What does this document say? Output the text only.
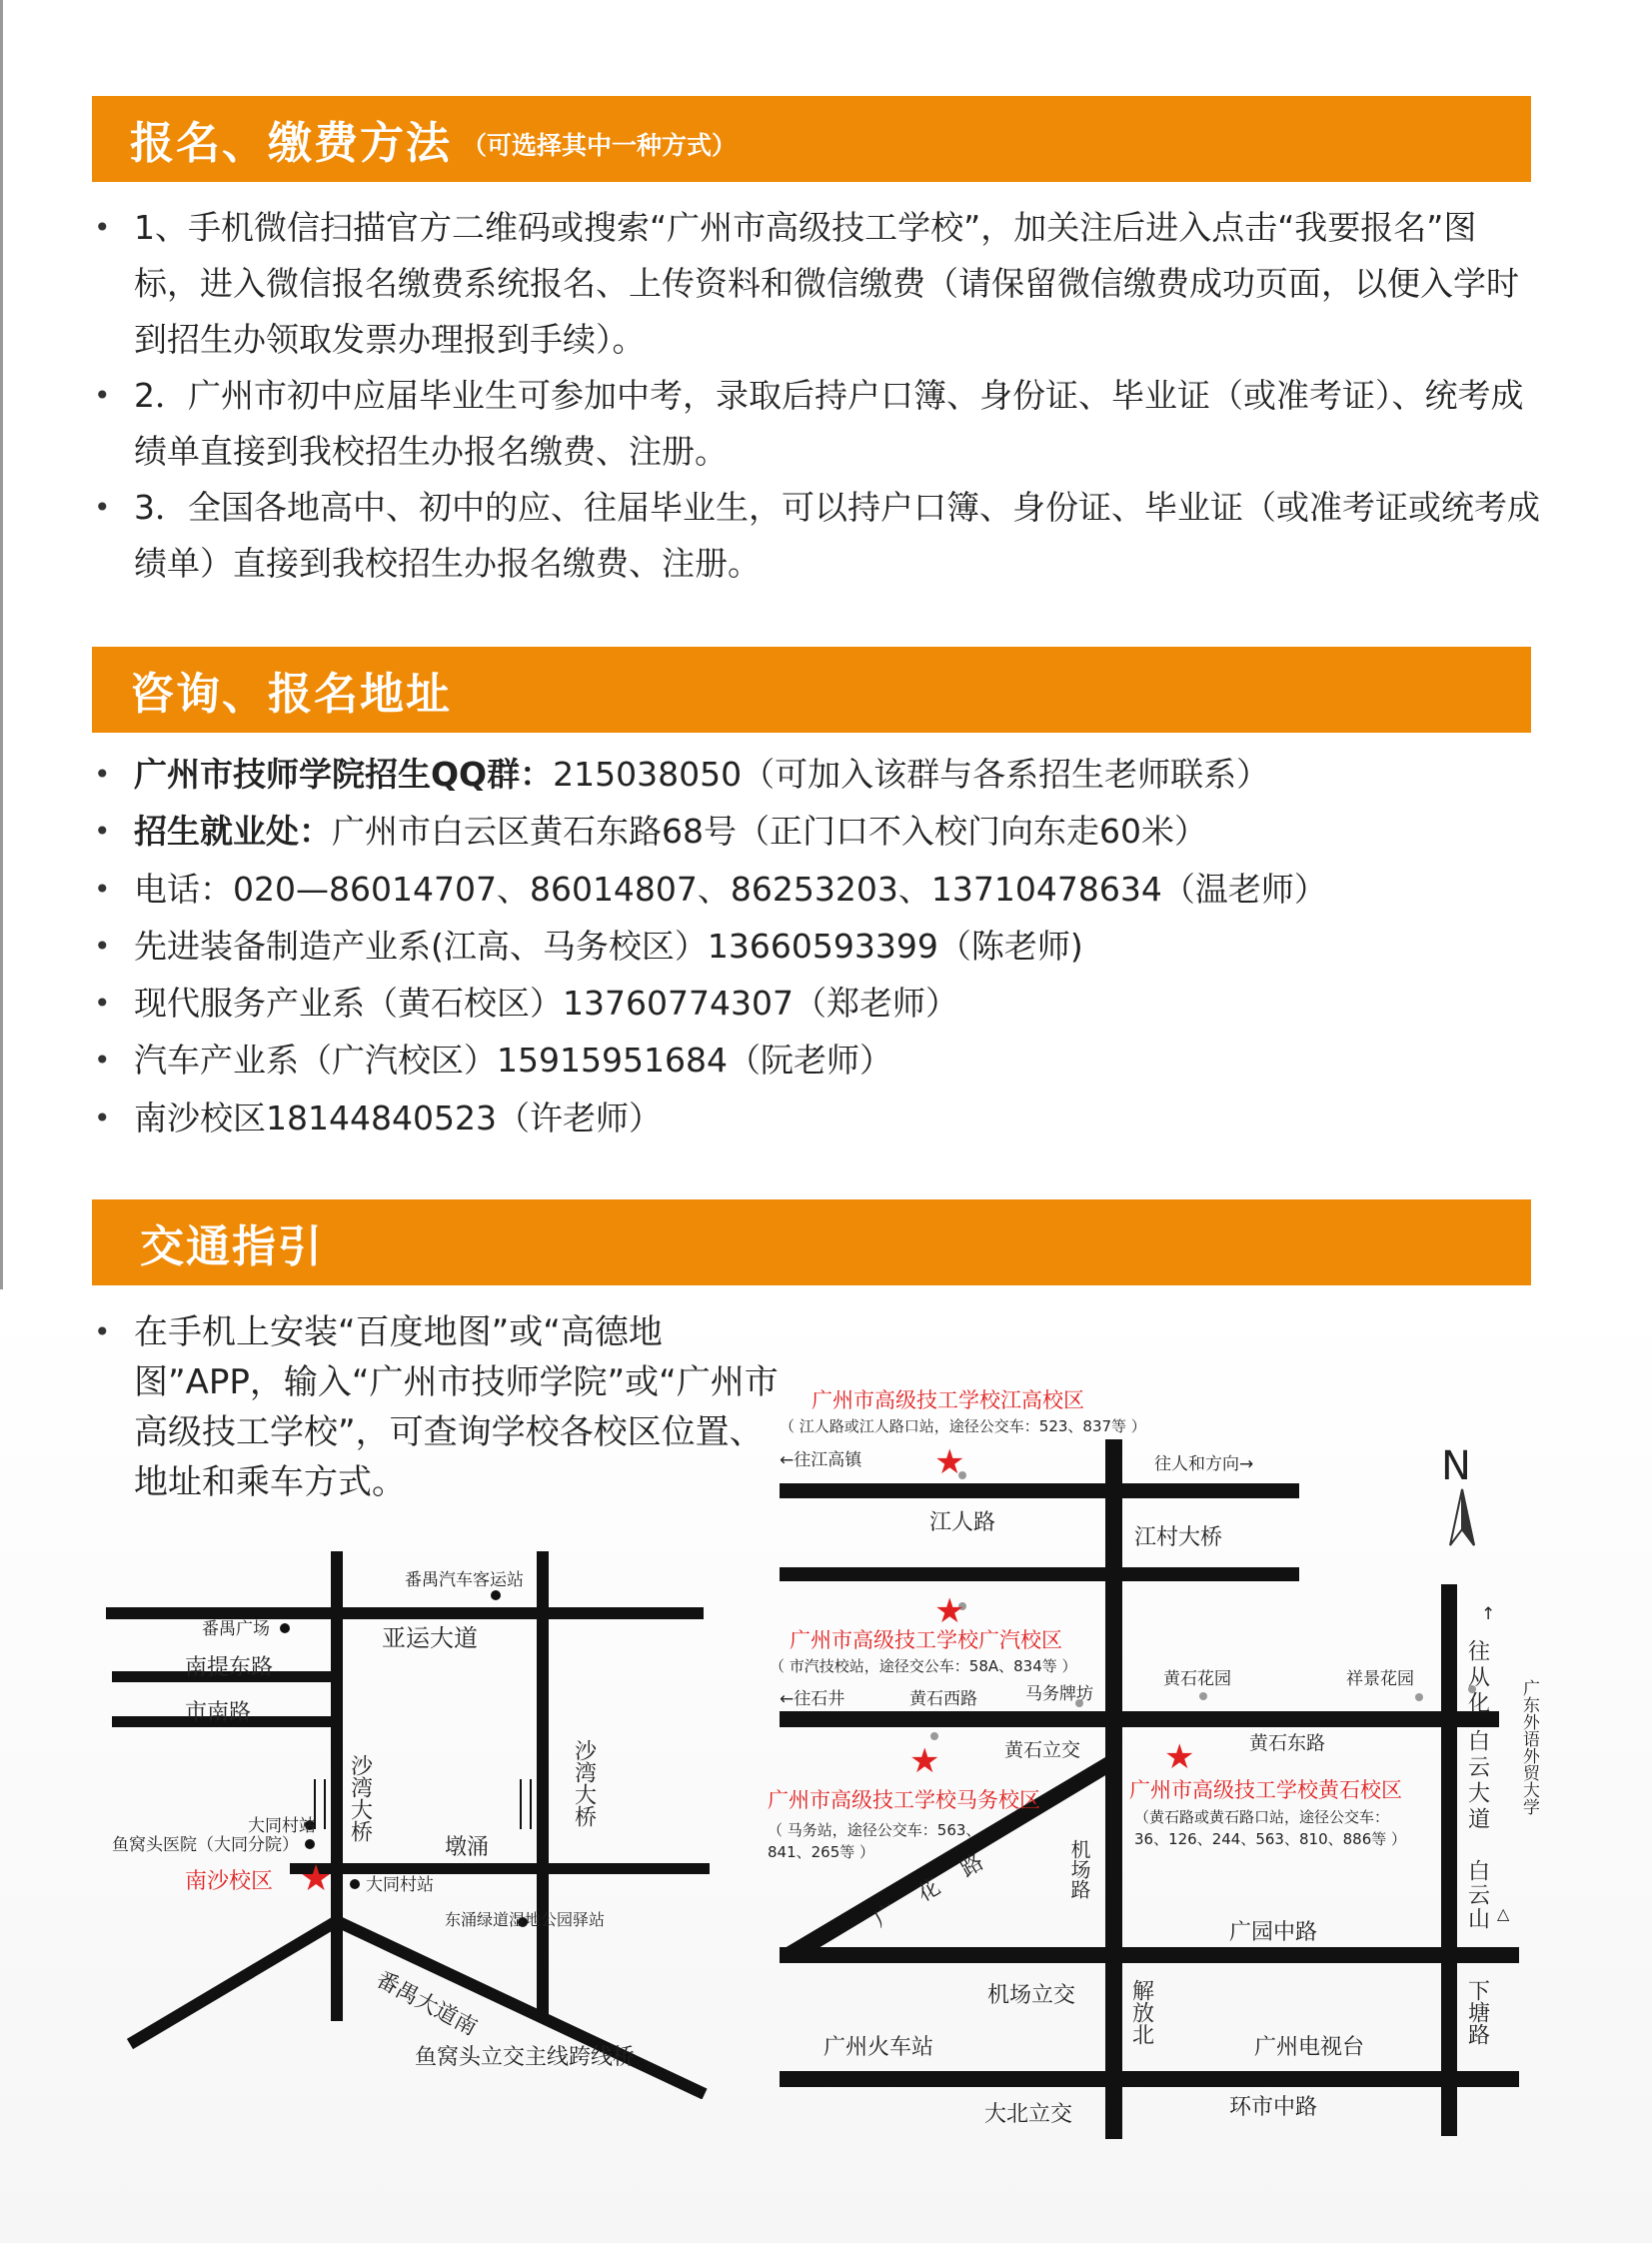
报名、缴费方法 （可选择其中一种方式）
• 1、手机微信扫描官方二维码或搜索“广州市高级技工学校”，加关注后进入点击“我要报名”图标，进入微信报名缴费系统报名、上传资料和微信缴费（请保留微信缴费成功页面，以便入学时到招生办领取发票办理报到手续）。
• 2．广州市初中应届毕业生可参加中考，录取后持户口簿、身份证、毕业证（或准考证）、统考成绩单直接到我校招生办报名缴费、注册。
• 3．全国各地高中、初中的应、往届毕业生，可以持户口簿、身份证、毕业证（或准考证或统考成绩单）直接到我校招生办报名缴费、注册。
咨询、报名地址
• 广州市技师学院招生QQ群：215038050（可加入该群与各系招生老师联系）
• 招生就业处：广州市白云区黄石东路68号（正门口不入校门向东走60米）
• 电话：020—86014707、86014807、86253203、13710478634（温老师）
• 先进装备制造产业系(江高、马务校区）13660593399（陈老师)
• 现代服务产业系（黄石校区）13760774307（郑老师）
• 汽车产业系（广汽校区）15915951684（阮老师）
• 南沙校区18144840523（许老师）
交通指引
• 在手机上安装“百度地图”或“高德地图”APP，输入“广州市技师学院”或“广州市高级技工学校”，可查询学校各校区位置、地址和乘车方式。
番禺汽车客运站
番禺广场	亚运大道
南提东路
市南路
沙湾大桥	沙湾大桥
大同村站
鱼窝头医院（大同分院）	墩涌
南沙校区 ★ 大同村站
东涌绿道湿地公园驿站
番禺大道南
鱼窝头立交主线跨线桥
N
广州市高级技工学校江高校区
（ 江人路或江人路口站，途径公交车：523、837等 ）
★
←往江高镇	往人和方向→
江人路
江村大桥
★
广州市高级技工学校广汽校区
（ 市汽技校站，途径交公车：58A、834等 ）
←往石井	黄石西路	马务牌坊
黄石花园	祥景花园
黄石立交	黄石东路
★
广州市高级技工学校马务校区
（ 马务站，途径公交车：563、
841、265等 ）
★
广州市高级技工学校黄石校区
（黄石路或黄石路口站，途径公交车：
36、126、244、563、810、886等 ）
机场路
广花路
↑
往从化
白云大道 广东外语外贸大学
白云山 △
广园中路
机场立交 解放北
广州火车站	广州电视台
下塘路
大北立交	环市中路
